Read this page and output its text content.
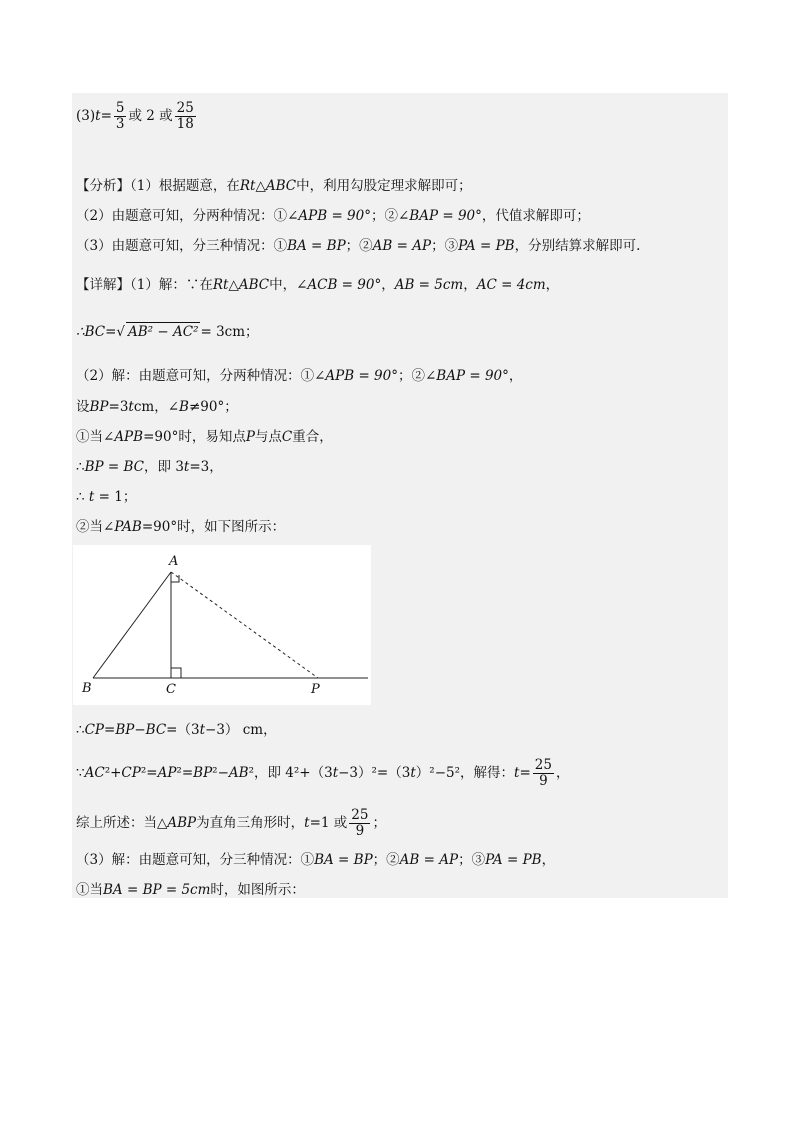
$(3)t= \frac{5}{3}$ 或 2 或 $\frac{25}{18}$
【分析】（1）根据题意，在Rt△ABC中，利用勾股定理求解即可；
（2）由题意可知，分两种情况：①∠APB = 90°；②∠BAP = 90°，代值求解即可；
（3）由题意可知，分三种情况：①BA = BP；②AB = AP；③PA = PB，分别结算求解即可.
【详解】（1）解：∵在Rt△ABC中，∠ACB = 90°，AB = 5cm，AC = 4cm，
∴BC=√ AB² − AC² = 3cm；
（2）解：由题意可知，分两种情况：①∠APB = 90°；②∠BAP = 90°，
设BP=3tcm，∠B≠90°；
①当∠APB=90°时，易知点P与点C重合，
∴BP = BC，即 3t=3，
∴ t = 1；
②当∠PAB=90°时，如下图所示：
A
B	C	P
∴CP=BP−BC=（3t−3） cm，
∵AC²+CP²=AP²=BP²−AB²，即 4²+（3t−3）²=（3t）²−5²，解得：$t= \frac{25}{9}$ ，
综上所述：当△ABP为直角三角形时，t=1 或 $\frac{25}{9}$ ；
（3）解：由题意可知，分三种情况：①BA = BP；②AB = AP；③PA = PB，
①当BA = BP = 5cm时，如图所示：
